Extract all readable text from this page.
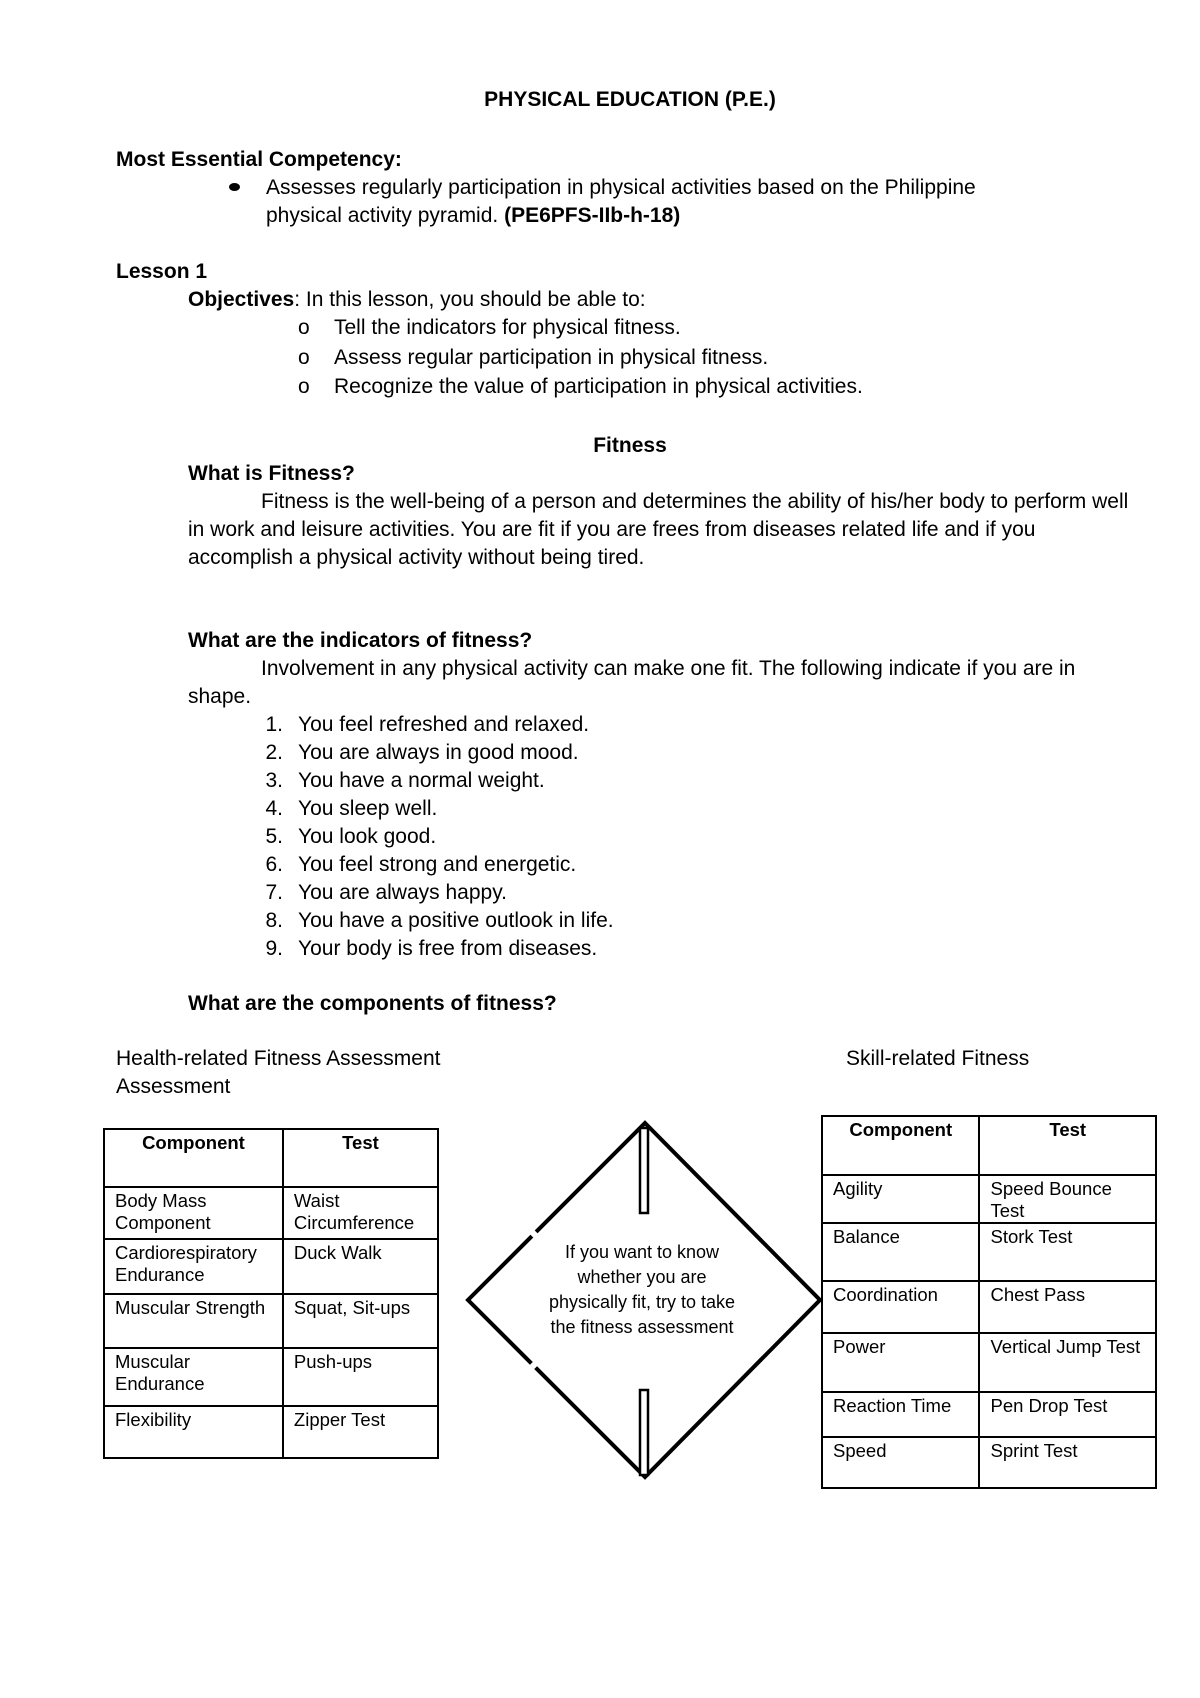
PHYSICAL EDUCATION (P.E.)
Most Essential Competency:
Assesses regularly participation in physical activities based on the Philippine
physical activity pyramid. (PE6PFS-IIb-h-18)
Lesson 1
Objectives: In this lesson, you should be able to:
o Tell the indicators for physical fitness.
o Assess regular participation in physical fitness.
o Recognize the value of participation in physical activities.
Fitness
What is Fitness?
Fitness is the well-being of a person and determines the ability of his/her body to perform well in work and leisure activities. You are fit if you are frees from diseases related life and if you accomplish a physical activity without being tired.
What are the indicators of fitness?
Involvement in any physical activity can make one fit. The following indicate if you are in shape.
1. You feel refreshed and relaxed.
2. You are always in good mood.
3. You have a normal weight.
4. You sleep well.
5. You look good.
6. You feel strong and energetic.
7. You are always happy.
8. You have a positive outlook in life.
9. Your body is free from diseases.
What are the components of fitness?
Health-related Fitness Assessment
Assessment
Skill-related Fitness
Component	Test
Body Mass Component	Waist Circumference
Cardiorespiratory Endurance	Duck Walk
Muscular Strength	Squat, Sit-ups
Muscular Endurance	Push-ups
Flexibility	Zipper Test
If you want to know whether you are physically fit, try to take the fitness assessment
Component	Test
Agility	Speed Bounce Test
Balance	Stork Test
Coordination	Chest Pass
Power	Vertical Jump Test
Reaction Time	Pen Drop Test
Speed	Sprint Test
